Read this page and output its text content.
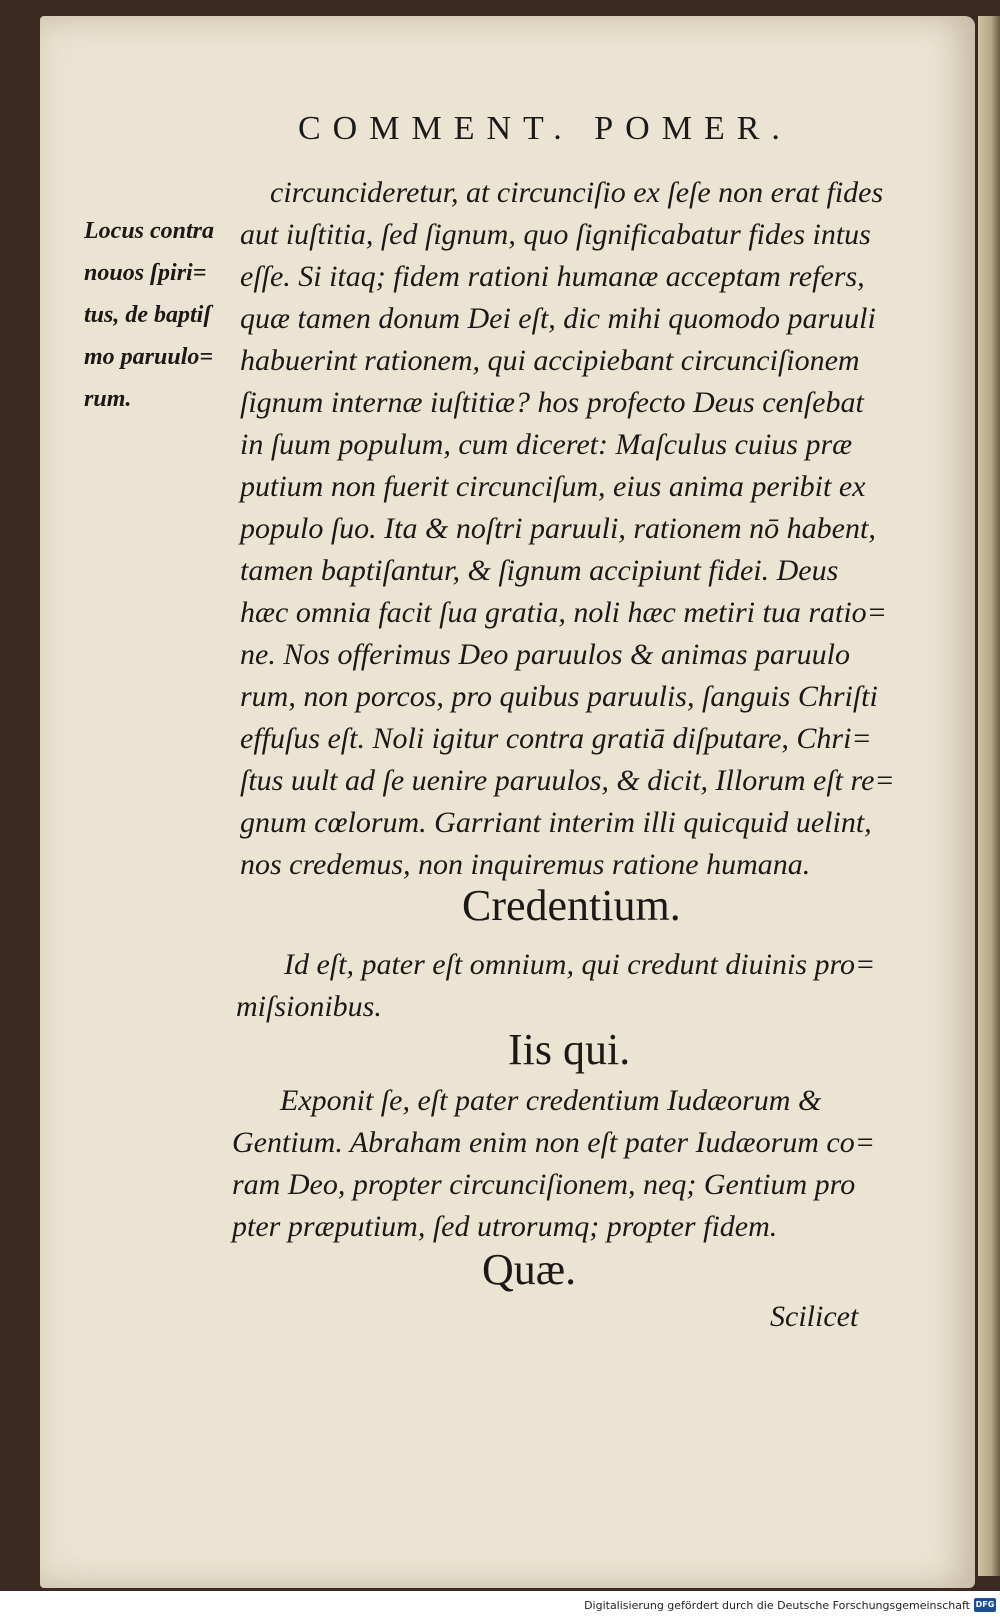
COMMENT. POMER.
Locus contra
nouos ſpiri=
tus, de baptiſ
mo paruulo=
rum.
circuncideretur, at circunciſio ex ſeſe non erat fides
aut iuſtitia, ſed ſignum, quo ſignificabatur fides intus
eſſe. Si itaq; fidem rationi humanæ acceptam refers,
quæ tamen donum Dei eſt, dic mihi quomodo paruuli
habuerint rationem, qui accipiebant circunciſionem
ſignum internæ iuſtitiæ? hos profecto Deus cenſebat
in ſuum populum, cum diceret: Maſculus cuius præ
putium non fuerit circunciſum, eius anima peribit ex
populo ſuo. Ita & noſtri paruuli, rationem nō habent,
tamen baptiſantur, & ſignum accipiunt fidei. Deus
hæc omnia facit ſua gratia, noli hæc metiri tua ratio=
ne. Nos offerimus Deo paruulos & animas paruulo
rum, non porcos, pro quibus paruulis, ſanguis Chriſti
effuſus eſt. Noli igitur contra gratiā diſputare, Chri=
ſtus uult ad ſe uenire paruulos, & dicit, Illorum eſt re=
gnum cœlorum. Garriant interim illi quicquid uelint,
nos credemus, non inquiremus ratione humana.
Credentium.
Id eſt, pater eſt omnium, qui credunt diuinis pro=
miſsionibus.
Iis qui.
Exponit ſe, eſt pater credentium Iudæorum &
Gentium. Abraham enim non eſt pater Iudæorum co=
ram Deo, propter circunciſionem, neq; Gentium pro
pter præputium, ſed utrorumq; propter fidem.
Quæ.
Scilicet
Digitalisierung gefördert durch die Deutsche Forschungsgemeinschaft DFG
